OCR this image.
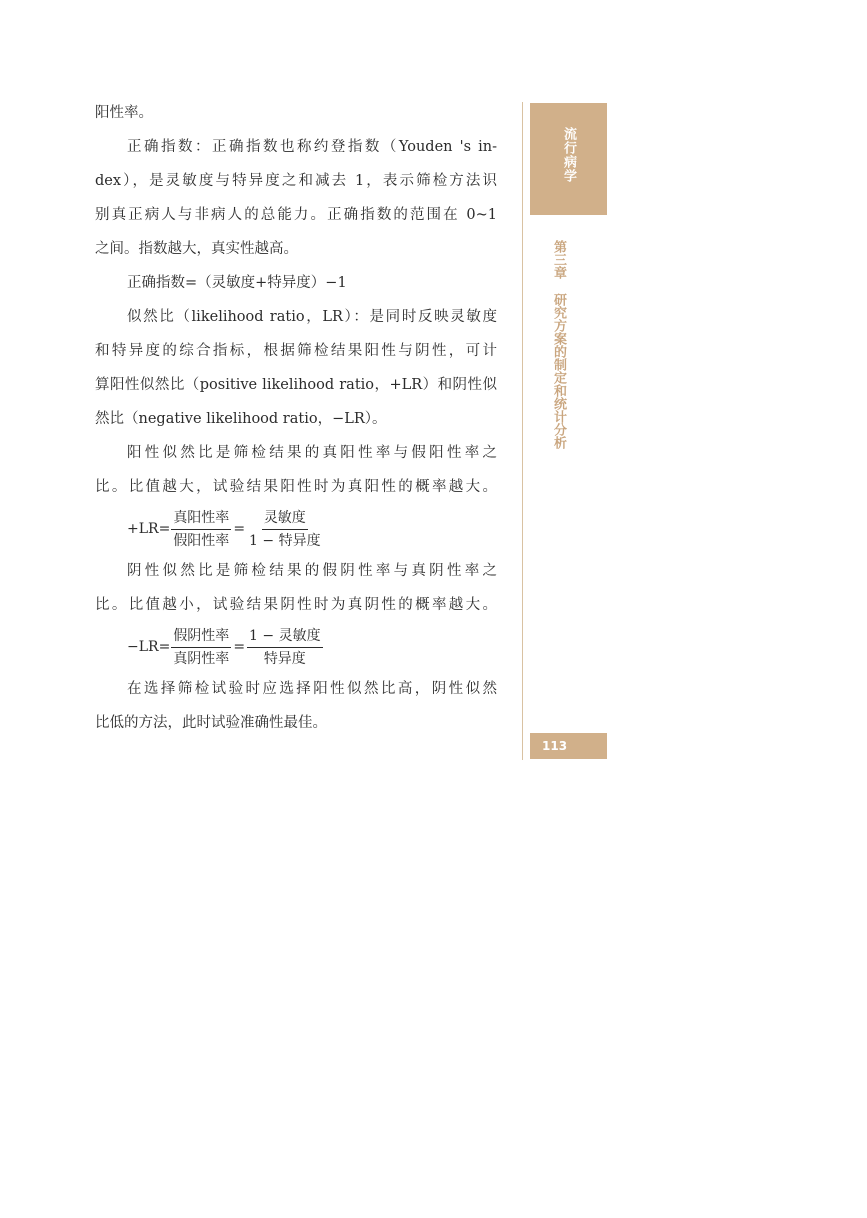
阳性率。
正确指数：正确指数也称约登指数（Youden 's in-
dex），是灵敏度与特异度之和减去 1，表示筛检方法识
别真正病人与非病人的总能力。正确指数的范围在 0~1
之间。指数越大，真实性越高。
正确指数=（灵敏度+特异度）−1
似然比（likelihood ratio，LR）：是同时反映灵敏度
和特异度的综合指标，根据筛检结果阳性与阴性，可计
算阳性似然比（positive likelihood ratio，+LR）和阴性似
然比（negative likelihood ratio，−LR）。
阳性似然比是筛检结果的真阳性率与假阳性率之
比。比值越大，试验结果阳性时为真阳性的概率越大。
$+LR= \frac{\text{真阳性率}}{\text{假阳性率}} = \frac{\text{灵敏度}}{\text{1 − 特异度}}$
阴性似然比是筛检结果的假阴性率与真阴性率之
比。比值越小，试验结果阴性时为真阴性的概率越大。
$-LR= \frac{\text{假阴性率}}{\text{真阴性率}} = \frac{\text{1 − 灵敏度}}{\text{特异度}}$
在选择筛检试验时应选择阳性似然比高，阴性似然
比低的方法，此时试验准确性最佳。
流行病学
第三章研究方案的制定和统计分析
113
